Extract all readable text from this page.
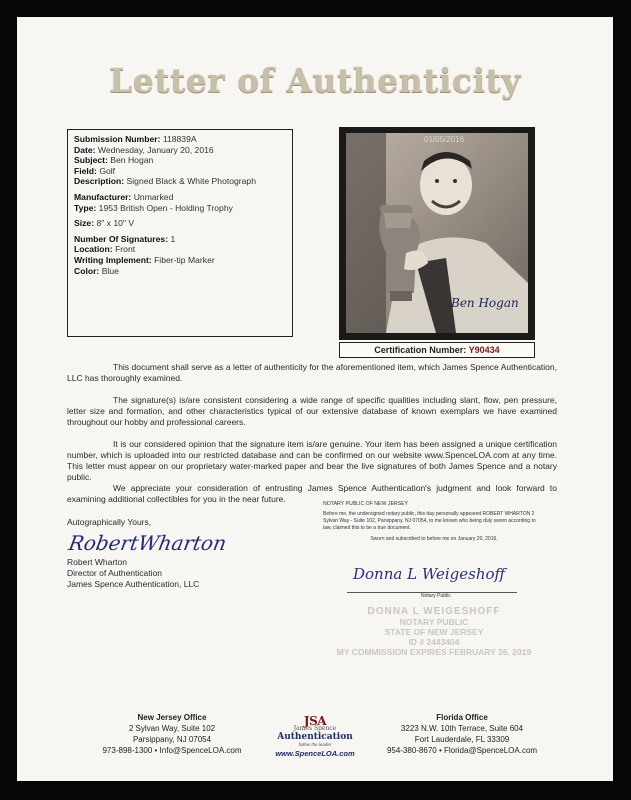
Letter of Authenticity
Submission Number: 118839A
Date: Wednesday, January 20, 2016
Subject: Ben Hogan
Field: Golf
Description: Signed Black & White Photograph
Manufacturer: Unmarked
Type: 1953 British Open - Holding Trophy
Size: 8" x 10" V
Number Of Signatures: 1
Location: Front
Writing Implement: Fiber-tip Marker
Color: Blue
Ben Hogan
01/05/2016
Certification Number: Y90434

This document shall serve as a letter of authenticity for the aforementioned item, which James Spence Authentication, LLC has thoroughly examined.

The signature(s) is/are consistent considering a wide range of specific qualities including slant, flow, pen pressure, letter size and formation, and other characteristics typical of our extensive database of known exemplars we have examined throughout our hobby and professional careers.

It is our considered opinion that the signature item is/are genuine. Your item has been assigned a unique certification number, which is uploaded into our restricted database and can be confirmed on our website www.SpenceLOA.com at any time. This letter must appear on our proprietary water-marked paper and bear the live signatures of both James Spence and a notary public.

We appreciate your consideration of entrusting James Spence Authentication's judgment and look forward to examining additional collectibles for you in the near future.

Autographically Yours,
Robert Wharton
Director of Authentication
James Spence Authentication, LLC
RobertWharton
NOTARY PUBLIC OF NEW JERSEY
Before me, the undersigned notary public, this day personally appeared ROBERT WHARTON 2 Sylvan Way - Suite 102, Parsippany, NJ 07054, to me known who being duly sworn according to law, claimed this to be a true document.
Sworn and subscribed to before me on January 20, 2016.
Donna L Weigeshoff
Notary Public
DONNA L WEIGESHOFF
NOTARY PUBLIC
STATE OF NEW JERSEY
ID # 2443404
MY COMMISSION EXPIRES FEBRUARY 26, 2019
New Jersey Office
2 Sylvan Way, Suite 102
Parsippany, NJ 07054
973-898-1300 • Info@SpenceLOA.com
JSA
James Spence
Authentication
follow the leader
www.SpenceLOA.com
Florida Office
3223 N.W. 10th Terrace, Suite 604
Fort Lauderdale, FL 33309
954-380-8670 • Florida@SpenceLOA.com
